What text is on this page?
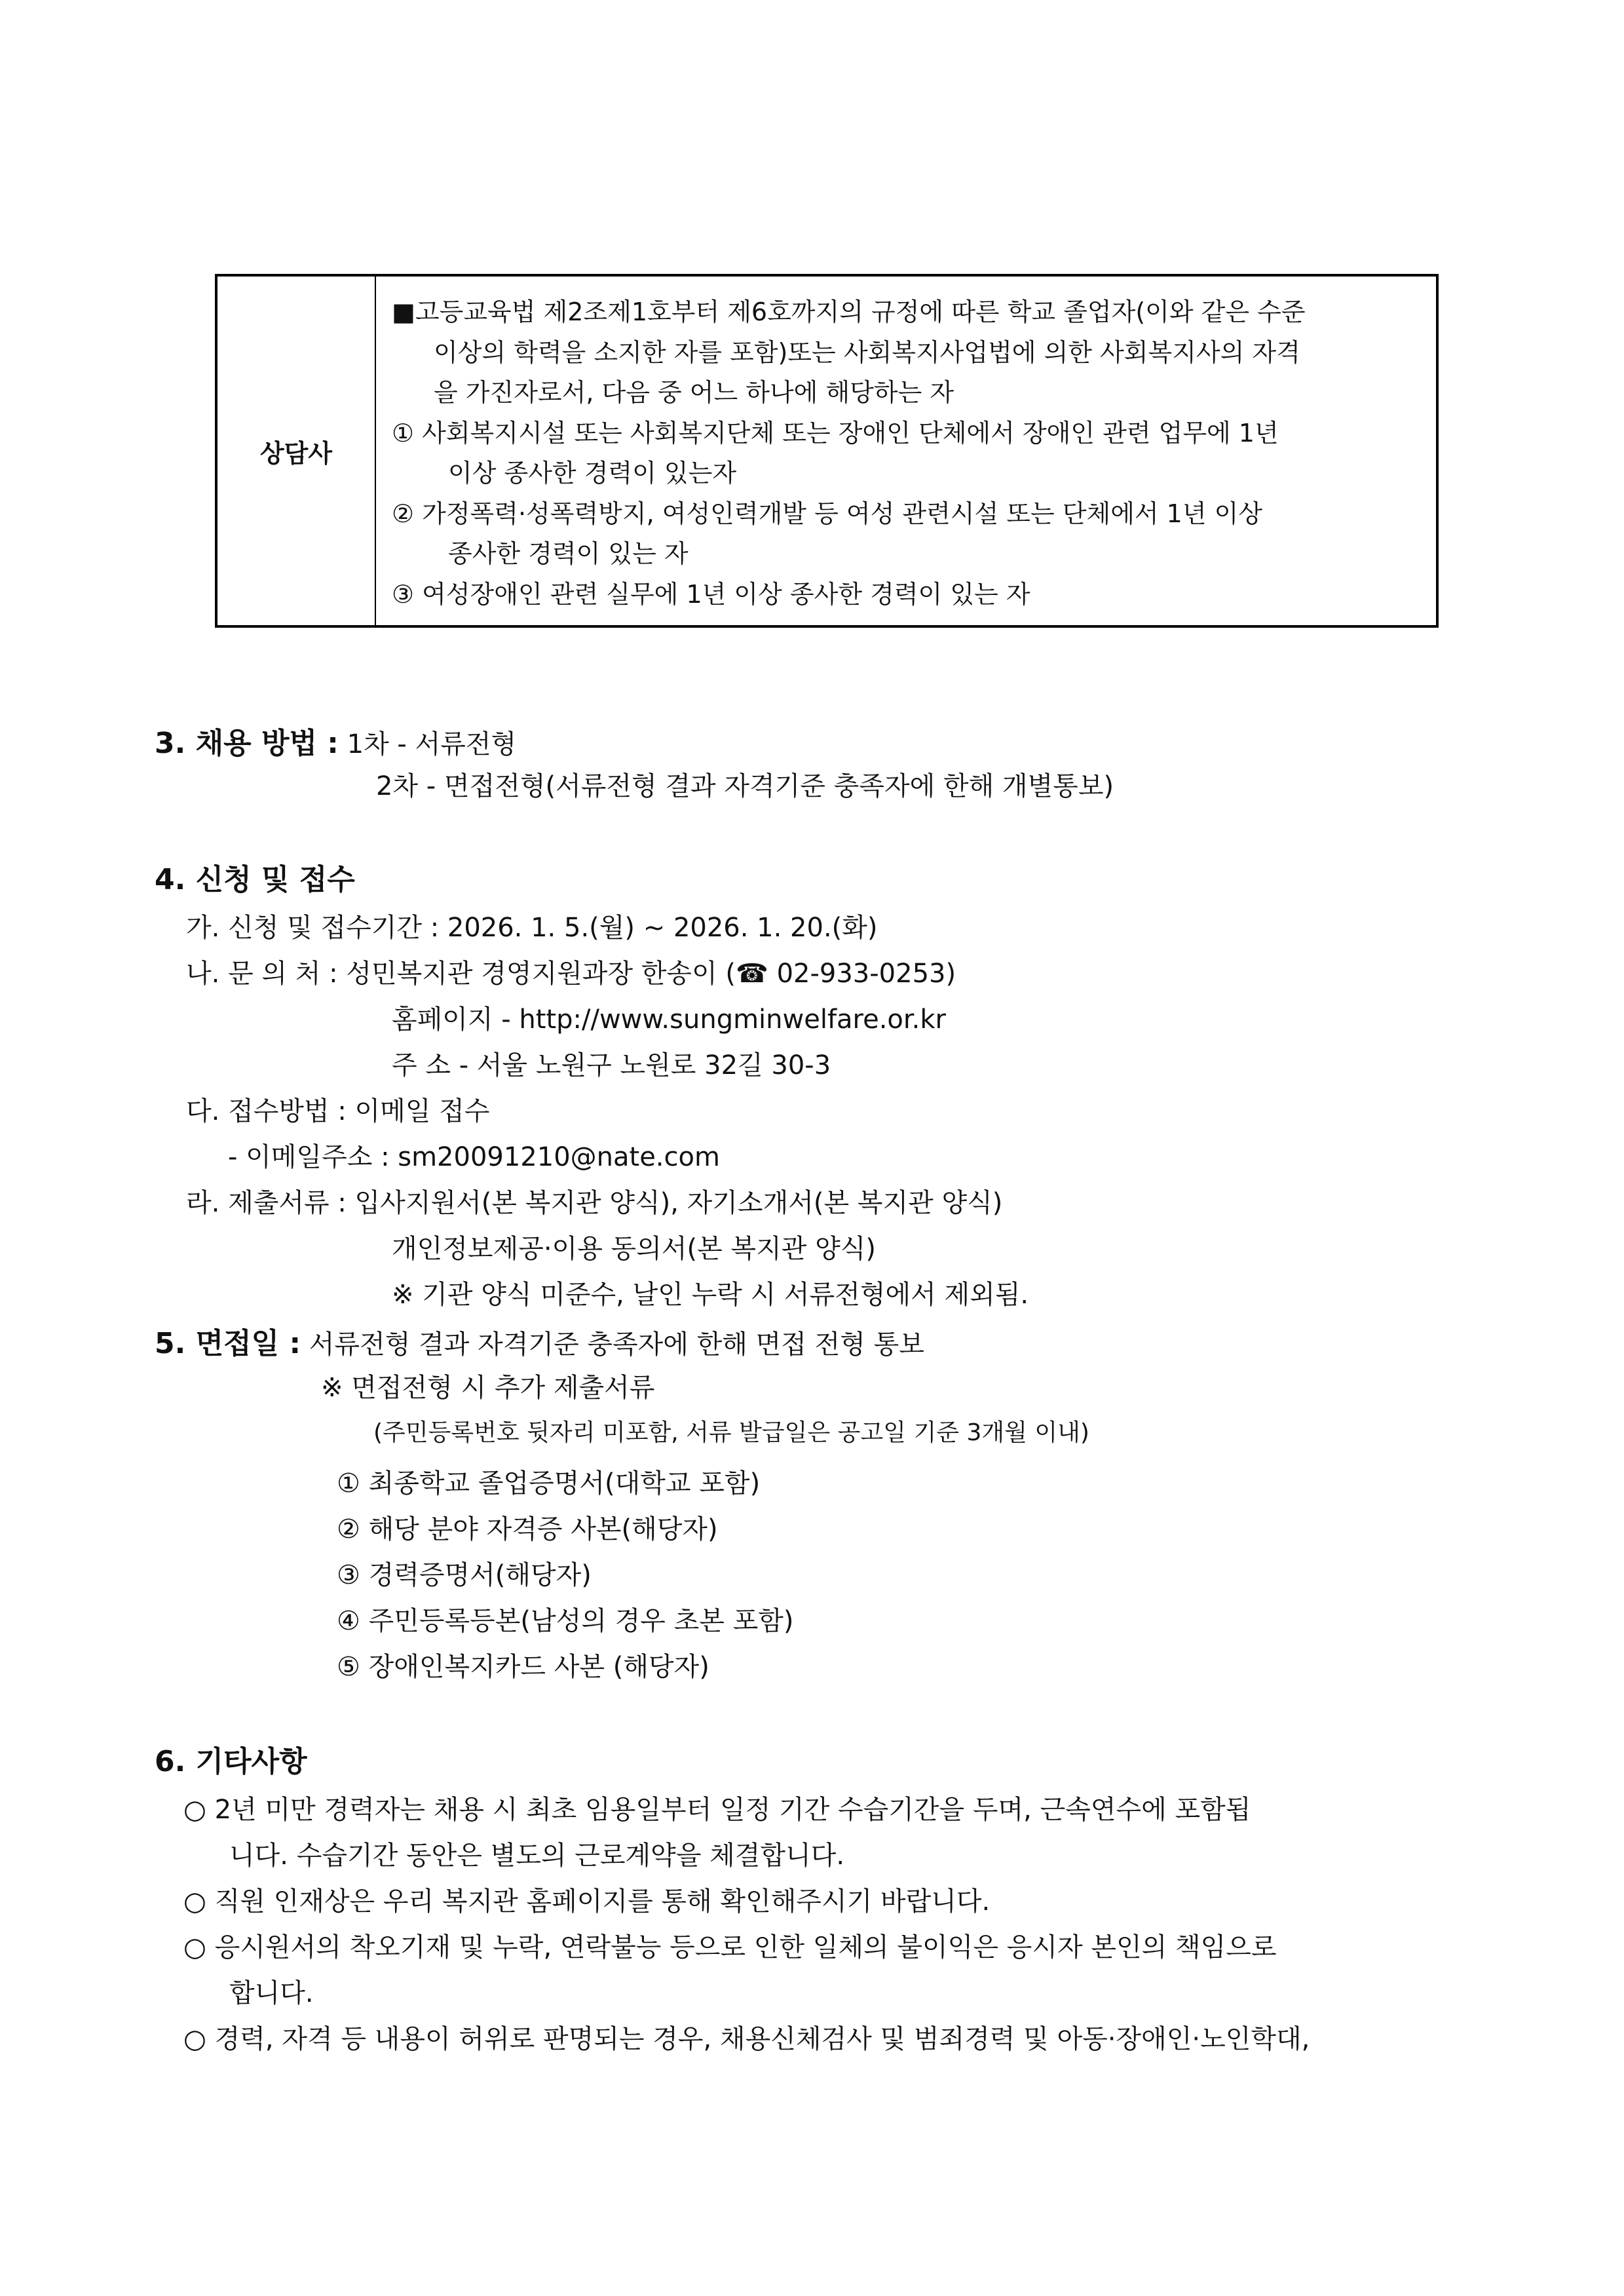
상담사
■고등교육법 제2조제1호부터 제6호까지의 규정에 따른 학교 졸업자(이와 같은 수준
이상의 학력을 소지한 자를 포함)또는 사회복지사업법에 의한 사회복지사의 자격
을 가진자로서, 다음 중 어느 하나에 해당하는 자
① 사회복지시설 또는 사회복지단체 또는 장애인 단체에서 장애인 관련 업무에 1년
이상 종사한 경력이 있는자
② 가정폭력·성폭력방지, 여성인력개발 등 여성 관련시설 또는 단체에서 1년 이상
종사한 경력이 있는 자
③ 여성장애인 관련 실무에 1년 이상 종사한 경력이 있는 자
3. 채용 방법 : 1차 - 서류전형
2차 - 면접전형(서류전형 결과 자격기준 충족자에 한해 개별통보)
4. 신청 및 접수
가. 신청 및 접수기간 : 2026. 1. 5.(월) ~ 2026. 1. 20.(화)
나. 문 의 처 : 성민복지관 경영지원과장 한송이 (☎ 02-933-0253)
홈페이지 - http://www.sungminwelfare.or.kr
주 소 - 서울 노원구 노원로 32길 30-3
다. 접수방법 : 이메일 접수
- 이메일주소 : sm20091210@nate.com
라. 제출서류 : 입사지원서(본 복지관 양식), 자기소개서(본 복지관 양식)
개인정보제공·이용 동의서(본 복지관 양식)
※ 기관 양식 미준수, 날인 누락 시 서류전형에서 제외됨.
5. 면접일 : 서류전형 결과 자격기준 충족자에 한해 면접 전형 통보
※ 면접전형 시 추가 제출서류
(주민등록번호 뒷자리 미포함, 서류 발급일은 공고일 기준 3개월 이내)
① 최종학교 졸업증명서(대학교 포함)
② 해당 분야 자격증 사본(해당자)
③ 경력증명서(해당자)
④ 주민등록등본(남성의 경우 초본 포함)
⑤ 장애인복지카드 사본 (해당자)
6. 기타사항
○ 2년 미만 경력자는 채용 시 최초 임용일부터 일정 기간 수습기간을 두며, 근속연수에 포함됩
니다. 수습기간 동안은 별도의 근로계약을 체결합니다.
○ 직원 인재상은 우리 복지관 홈페이지를 통해 확인해주시기 바랍니다.
○ 응시원서의 착오기재 및 누락, 연락불능 등으로 인한 일체의 불이익은 응시자 본인의 책임으로
합니다.
○ 경력, 자격 등 내용이 허위로 판명되는 경우, 채용신체검사 및 범죄경력 및 아동·장애인·노인학대,
